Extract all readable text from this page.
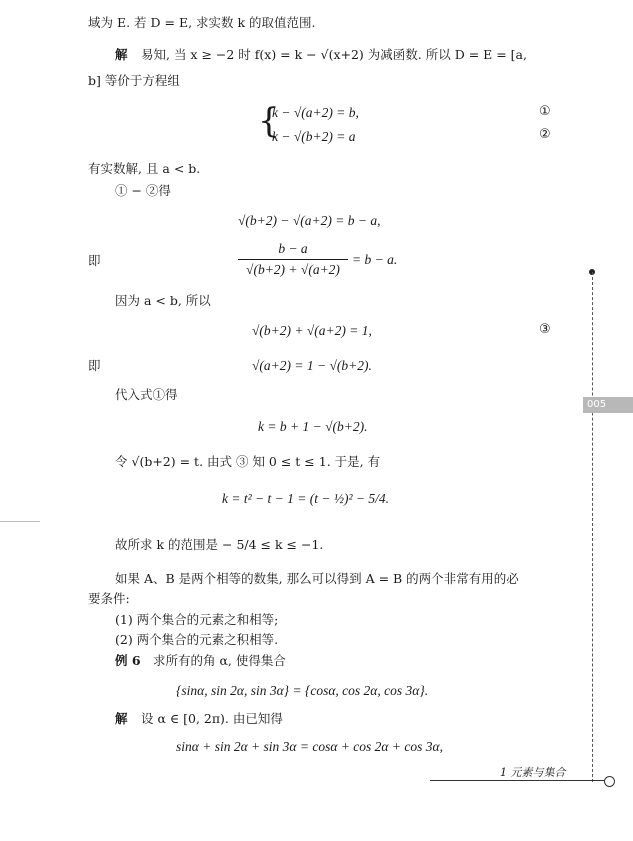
域为 E. 若 D = E, 求实数 k 的取值范围.
解 易知, 当 x ≥ −2 时 f(x) = k − √(x+2) 为减函数. 所以 D = E = [a,
b] 等价于方程组
{
k − √(a+2) = b,
k − √(b+2) = a
①
②
有实数解, 且 a < b.
① − ②得
√(b+2) − √(a+2) = b − a,
即
b − a
√(b+2) + √(a+2)
= b − a.
因为 a < b, 所以
√(b+2) + √(a+2) = 1,	③
即	√(a+2) = 1 − √(b+2).
代入式①得
k = b + 1 − √(b+2).
令 √(b+2) = t. 由式 ③ 知 0 ≤ t ≤ 1. 于是, 有
k = t² − t − 1 = (t − ½)² − 5/4.
故所求 k 的范围是 − 5/4 ≤ k ≤ −1.
如果 A、B 是两个相等的数集, 那么可以得到 A = B 的两个非常有用的必
要条件:
(1) 两个集合的元素之和相等;
(2) 两个集合的元素之积相等.
例 6 求所有的角 α, 使得集合
{sinα, sin 2α, sin 3α} = {cosα, cos 2α, cos 3α}.
解 设 α ∈ [0, 2π). 由已知得
sinα + sin 2α + sin 3α = cosα + cos 2α + cos 3α,
005
1 元素与集合
